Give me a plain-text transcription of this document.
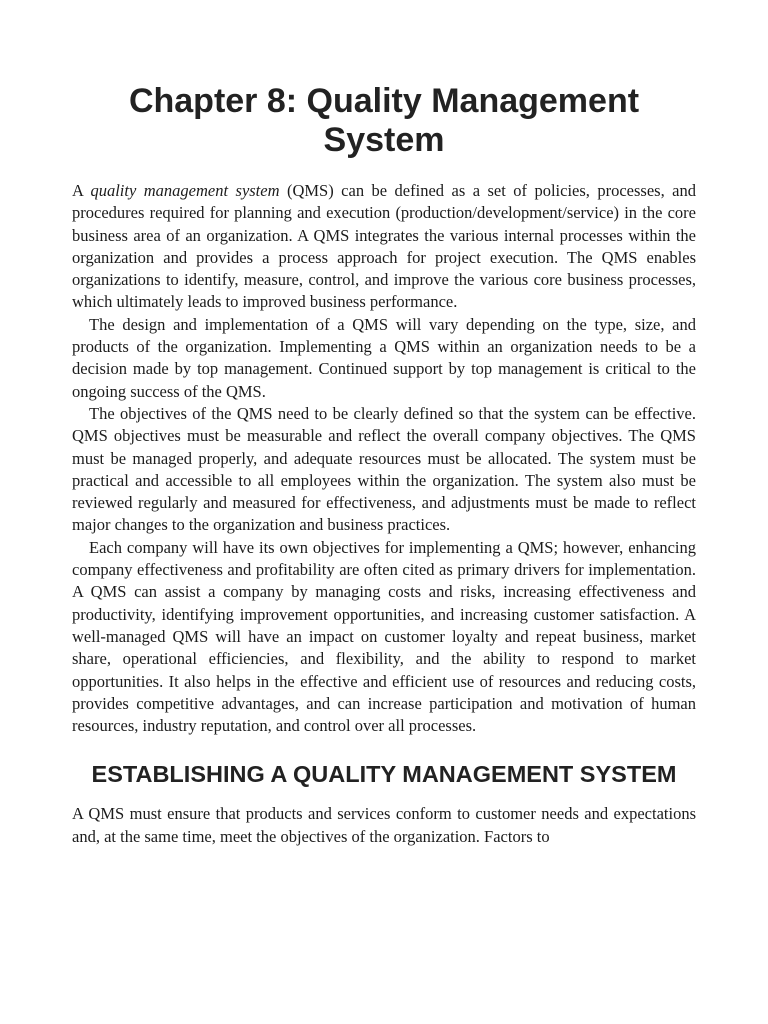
Chapter 8: Quality Management System

A quality management system (QMS) can be defined as a set of policies, processes, and procedures required for planning and execution (production/development/service) in the core business area of an organization. A QMS integrates the various internal processes within the organization and provides a process approach for project execution. The QMS enables organizations to identify, measure, control, and improve the various core business processes, which ultimately leads to improved business performance.

The design and implementation of a QMS will vary depending on the type, size, and products of the organization. Implementing a QMS within an organization needs to be a decision made by top management. Continued support by top management is critical to the ongoing success of the QMS.

The objectives of the QMS need to be clearly defined so that the system can be effective. QMS objectives must be measurable and reflect the overall company objectives. The QMS must be managed properly, and adequate resources must be allocated. The system must be practical and accessible to all employees within the organization. The system also must be reviewed regularly and measured for effectiveness, and adjustments must be made to reflect major changes to the organization and business practices.

Each company will have its own objectives for implementing a QMS; however, enhancing company effectiveness and profitability are often cited as primary drivers for implementation. A QMS can assist a company by managing costs and risks, increasing effectiveness and productivity, identifying improvement opportunities, and increasing customer satisfaction. A well-managed QMS will have an impact on customer loyalty and repeat business, market share, operational efficiencies, and flexibility, and the ability to respond to market opportunities. It also helps in the effective and efficient use of resources and reducing costs, provides competitive advantages, and can increase participation and motivation of human resources, industry reputation, and control over all processes.

ESTABLISHING A QUALITY MANAGEMENT SYSTEM

A QMS must ensure that products and services conform to customer needs and expectations and, at the same time, meet the objectives of the organization. Factors to
